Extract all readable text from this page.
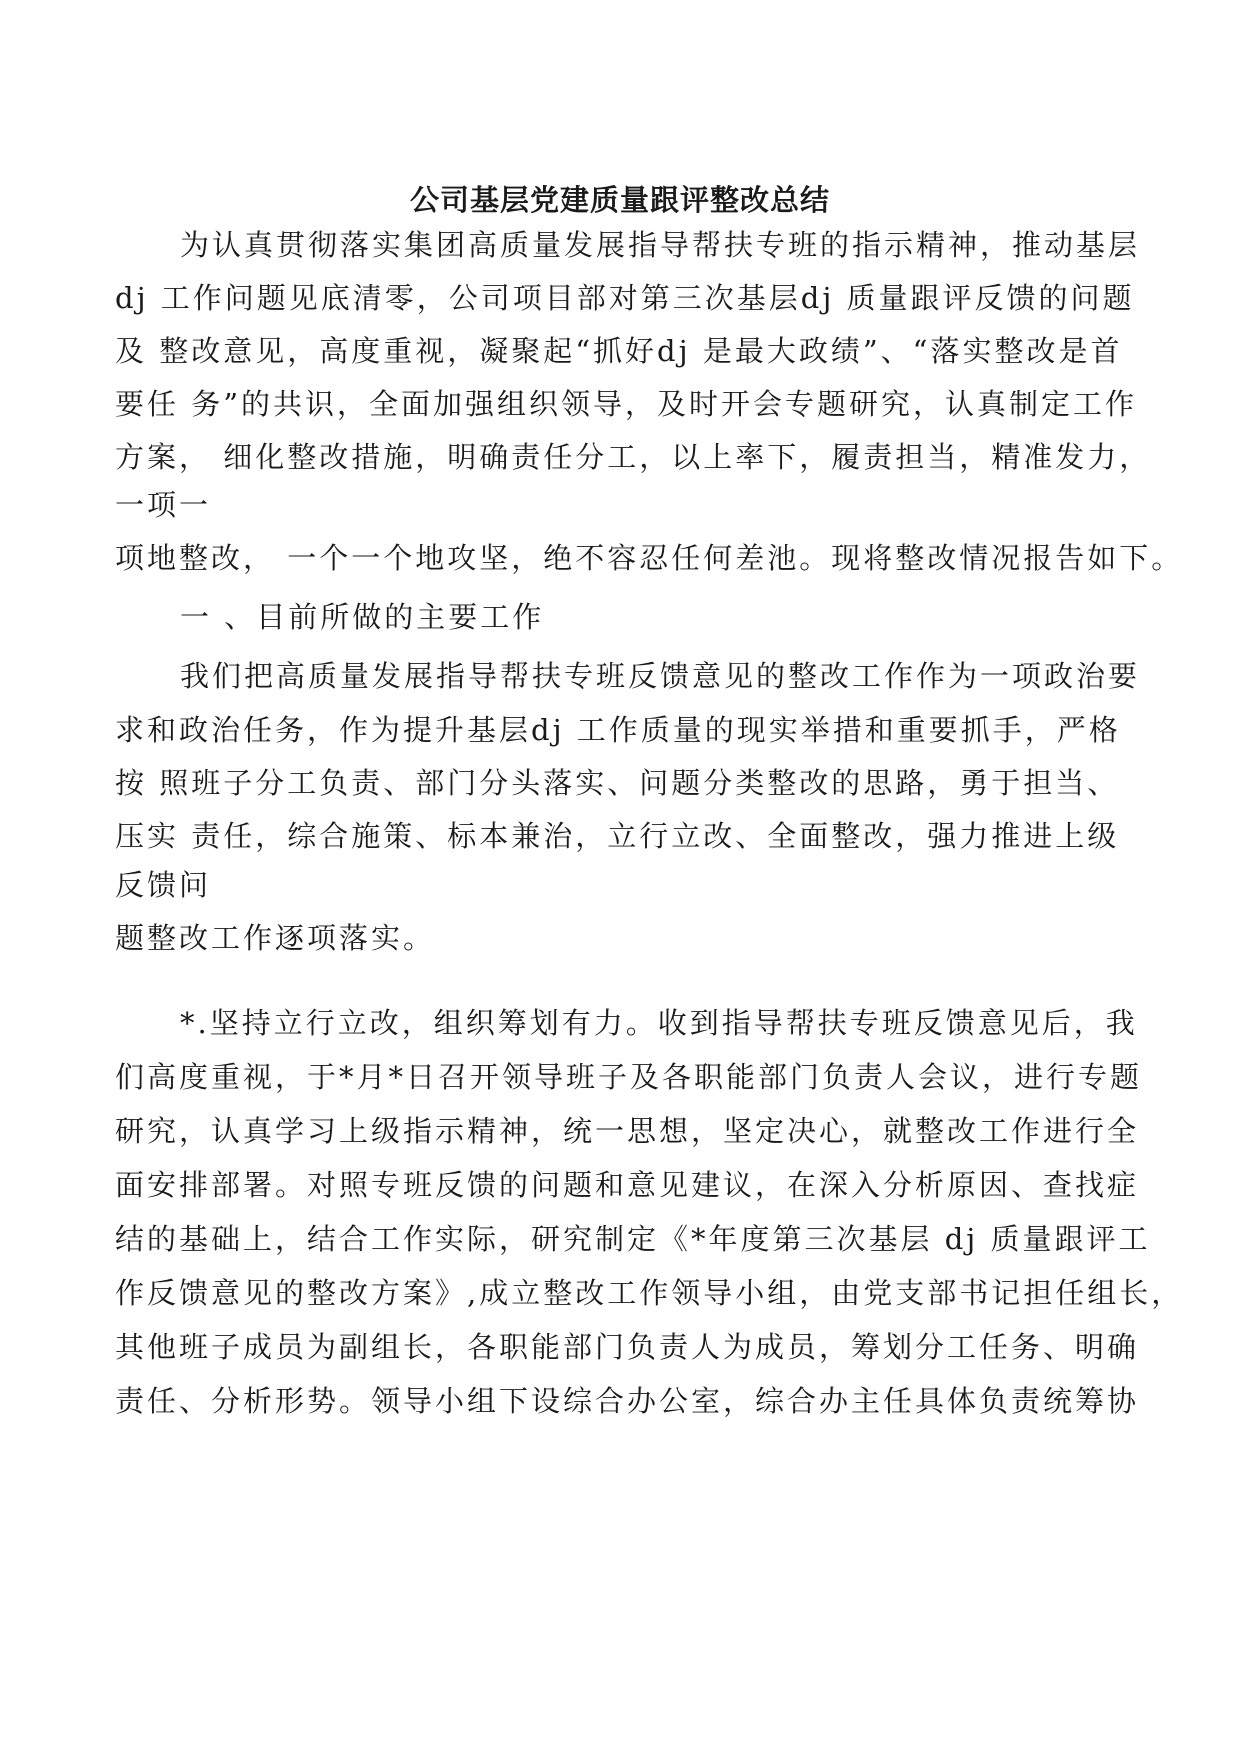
公司基层党建质量跟评整改总结
为认真贯彻落实集团高质量发展指导帮扶专班的指示精神，推动基层
dj 工作问题见底清零，公司项目部对第三次基层dj 质量跟评反馈的问题
及 整改意见，高度重视，凝聚起“抓好dj 是最大政绩”、“落实整改是首
要任 务”的共识，全面加强组织领导，及时开会专题研究，认真制定工作
方案， 细化整改措施，明确责任分工，以上率下，履责担当，精准发力，
一项一
项地整改， 一个一个地攻坚，绝不容忍任何差池。现将整改情况报告如下。
一 、目前所做的主要工作
我们把高质量发展指导帮扶专班反馈意见的整改工作作为一项政治要
求和政治任务，作为提升基层dj 工作质量的现实举措和重要抓手，严格
按 照班子分工负责、部门分头落实、问题分类整改的思路，勇于担当、
压实 责任，综合施策、标本兼治，立行立改、全面整改，强力推进上级
反馈问
题整改工作逐项落实。
*.坚持立行立改，组织筹划有力。收到指导帮扶专班反馈意见后，我
们高度重视，于*月*日召开领导班子及各职能部门负责人会议，进行专题
研究，认真学习上级指示精神，统一思想，坚定决心，就整改工作进行全
面安排部署。对照专班反馈的问题和意见建议，在深入分析原因、查找症
结的基础上，结合工作实际，研究制定《*年度第三次基层 dj 质量跟评工
作反馈意见的整改方案》,成立整改工作领导小组，由党支部书记担任组长，
其他班子成员为副组长，各职能部门负责人为成员，筹划分工任务、明确
责任、分析形势。领导小组下设综合办公室，综合办主任具体负责统筹协
